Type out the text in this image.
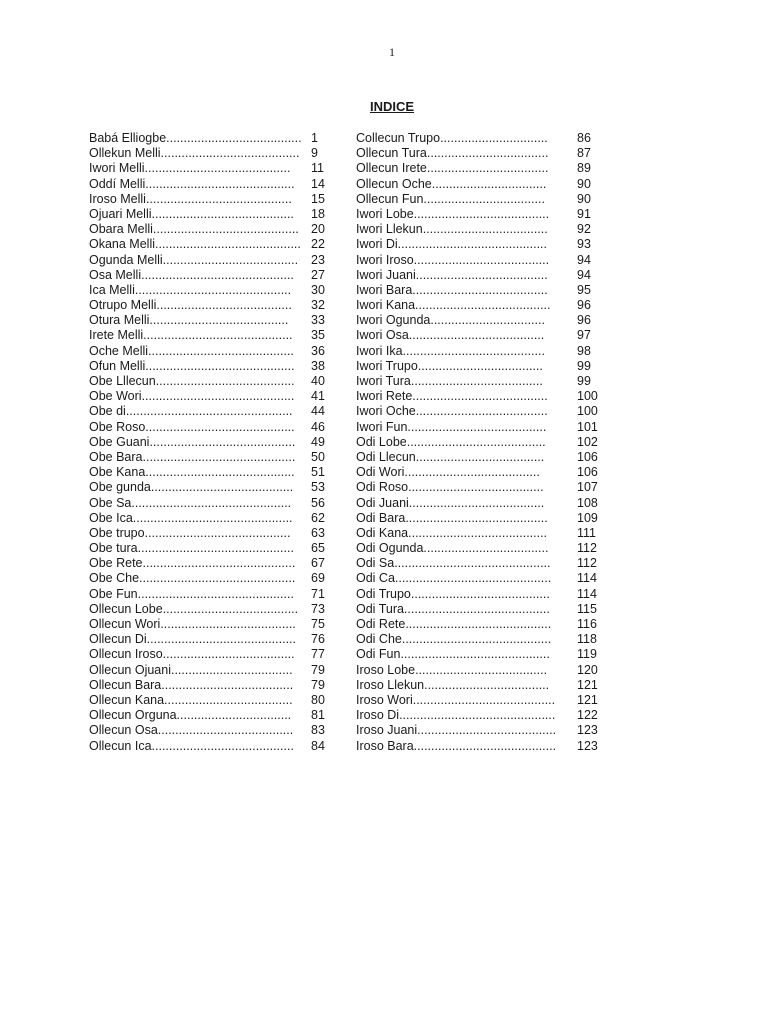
1
INDICE
Babá Elliogbe....................................... 1
Ollekun Melli........................................ 9
Iwori Melli..........................................	11
Oddí Melli...........................................	14
Iroso Melli..........................................	15
Ojuari Melli.........................................	18
Obara Melli.......................................... 20
Okana Melli.......................................... 22
Ogunda Melli.......................................	23
Osa Melli............................................	27
Ica Melli.............................................	30
Otrupo Melli.......................................	32
Otura Melli........................................	33
Irete Melli...........................................	35
Oche Melli..........................................	36
Ofun Melli...........................................	38
Obe Lllecun........................................	40
Obe Wori............................................	41
Obe di................................................	44
Obe Roso...........................................	46
Obe Guani..........................................	49
Obe Bara............................................	50
Obe Kana...........................................	51
Obe gunda.........................................	53
Obe Sa..............................................	56
Obe Ica..............................................	62
Obe trupo..........................................	63
Obe tura.............................................	65
Obe Rete............................................	67
Obe Che.............................................	69
Obe Fun.............................................	71
Ollecun Lobe.......................................	73
Ollecun Wori.......................................	75
Ollecun Di...........................................	76
Ollecun Iroso......................................	77
Ollecun Ojuani...................................	79
Ollecun Bara......................................	79
Ollecun Kana.....................................	80
Ollecun Orguna.................................	81
Ollecun Osa.......................................	83
Ollecun Ica.........................................	84
Collecun Trupo...............................	86
Ollecun Tura...................................	87
Ollecun Irete...................................	89
Ollecun Oche.................................	90
Ollecun Fun...................................	90
Iwori Lobe.......................................	91
Iwori Llekun....................................	92
Iwori Di...........................................	93
Iwori Iroso.......................................	94
Iwori Juani......................................	94
Iwori Bara.......................................	95
Iwori Kana.......................................	96
Iwori Ogunda.................................	96
Iwori Osa.......................................	97
Iwori Ika.........................................	98
Iwori Trupo....................................	99
Iwori Tura......................................	99
Iwori Rete.......................................	100
Iwori Oche......................................	100
Iwori Fun........................................	101
Odi Lobe........................................	102
Odi Llecun.....................................	106
Odi Wori.......................................	106
Odi Roso.......................................	107
Odi Juani.......................................	108
Odi Bara.........................................	109
Odi Kana........................................	111
Odi Ogunda....................................	112
Odi Sa.............................................	112
Odi Ca.............................................	114
Odi Trupo........................................	114
Odi Tura..........................................	115
Odi Rete..........................................	116
Odi Che...........................................	118
Odi Fun...........................................	119
Iroso Lobe......................................	120
Iroso Llekun....................................	121
Iroso Wori.........................................	121
Iroso Di.............................................	122
Iroso Juani........................................	123
Iroso Bara.........................................	123
